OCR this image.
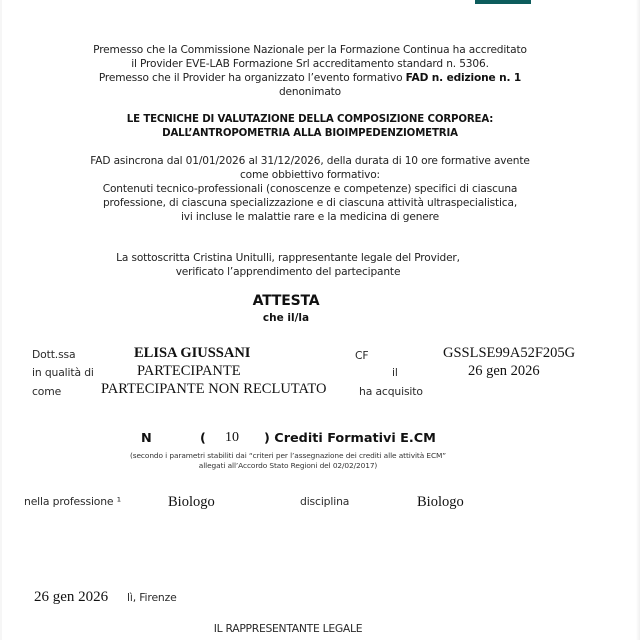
Premesso che la Commissione Nazionale per la Formazione Continua ha accreditato
il Provider EVE-LAB Formazione Srl accreditamento standard n. 5306.
Premesso che il Provider ha organizzato l’evento formativo FAD n. edizione n. 1
denonimato
LE TECNICHE DI VALUTAZIONE DELLA COMPOSIZIONE CORPOREA:
DALL’ANTROPOMETRIA ALLA BIOIMPEDENZIOMETRIA
FAD asincrona dal 01/01/2026 al 31/12/2026, della durata di 10 ore formative avente
come obbiettivo formativo:
Contenuti tecnico-professionali (conoscenze e competenze) specifici di ciascuna
professione, di ciascuna specializzazione e di ciascuna attività ultraspecialistica,
ivi incluse le malattie rare e la medicina di genere
La sottoscritta Cristina Unitulli, rappresentante legale del Provider,
verificato l’apprendimento del partecipante
ATTESTA
che il/la
Dott.ssa	ELISA GIUSSANI	CF	GSSLSE99A52F205G
in qualità di	PARTECIPANTE	il	26 gen 2026
come	PARTECIPANTE NON RECLUTATO	ha acquisito
N	( 10 ) Crediti Formativi E.CM
(secondo i parametri stabiliti dai “criteri per l’assegnazione dei crediti alle attività ECM”
allegati all’Accordo Stato Regioni del 02/02/2017)
nella professione ¹	Biologo	disciplina	Biologo
26 gen 2026 lì, Firenze
IL RAPPRESENTANTE LEGALE
